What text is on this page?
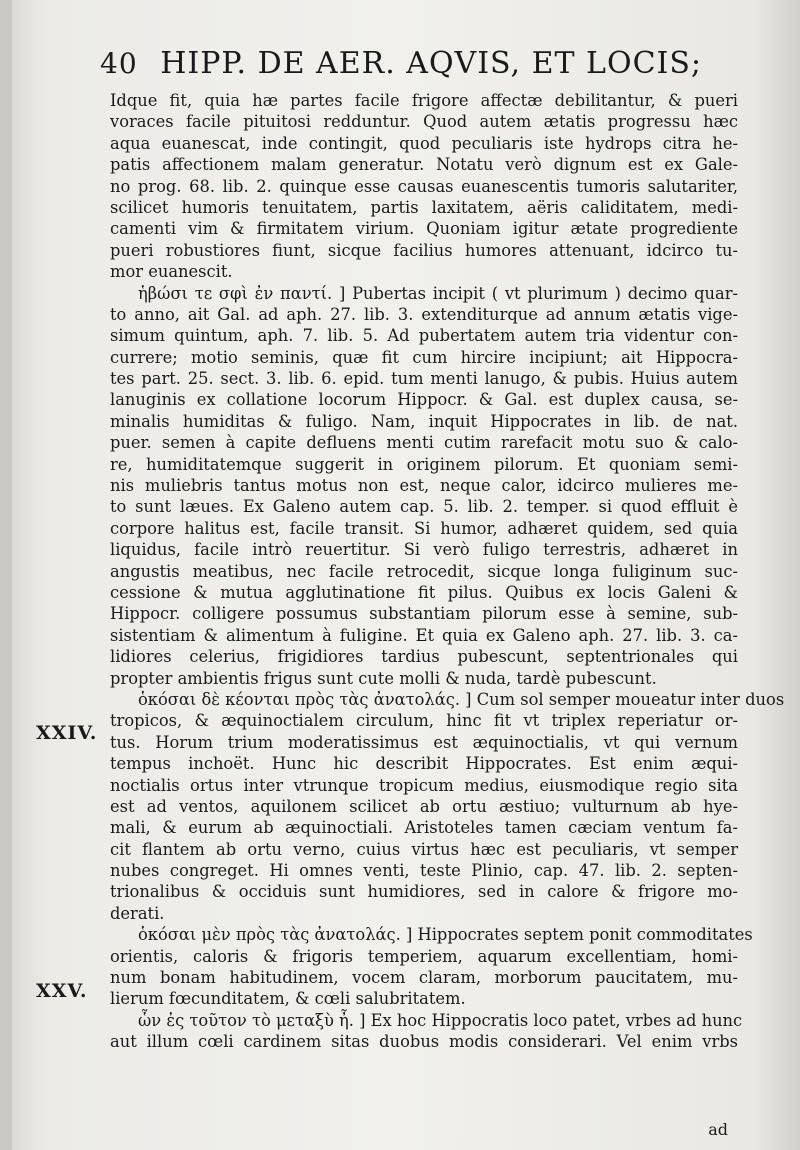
40 HIPP. DE AER. AQVIS, ET LOCIS;
XXIV.
XXV.
Idque fit, quia hæ partes facile frigore affectæ debilitantur, & pueri
voraces facile pituitosi redduntur. Quod autem ætatis progressu hæc
aqua euanescat, inde contingit, quod peculiaris iste hydrops citra he-
patis affectionem malam generatur. Notatu verò dignum est ex Gale-
no prog. 68. lib. 2. quinque esse causas euanescentis tumoris salutariter,
scilicet humoris tenuitatem, partis laxitatem, aëris caliditatem, medi-
camenti vim & firmitatem virium. Quoniam igitur ætate progrediente
pueri robustiores fiunt, sicque facilius humores attenuant, idcirco tu-
mor euanescit.
ἡβώσι τε σφὶ ἐν παντί. ] Pubertas incipit ( vt plurimum ) decimo quar-
to anno, ait Gal. ad aph. 27. lib. 3. extenditurque ad annum ætatis vige-
simum quintum, aph. 7. lib. 5. Ad pubertatem autem tria videntur con-
currere; motio seminis, quæ fit cum hircire incipiunt; ait Hippocra-
tes part. 25. sect. 3. lib. 6. epid. tum menti lanugo, & pubis. Huius autem
lanuginis ex collatione locorum Hippocr. & Gal. est duplex causa, se-
minalis humiditas & fuligo. Nam, inquit Hippocrates in lib. de nat.
puer. semen à capite defluens menti cutim rarefacit motu suo & calo-
re, humiditatemque suggerit in originem pilorum. Et quoniam semi-
nis muliebris tantus motus non est, neque calor, idcirco mulieres me-
to sunt læues. Ex Galeno autem cap. 5. lib. 2. temper. si quod effluit è
corpore halitus est, facile transit. Si humor, adhæret quidem, sed quia
liquidus, facile intrò reuertitur. Si verò fuligo terrestris, adhæret in
angustis meatibus, nec facile retrocedit, sicque longa fuliginum suc-
cessione & mutua agglutinatione fit pilus. Quibus ex locis Galeni &
Hippocr. colligere possumus substantiam pilorum esse à semine, sub-
sistentiam & alimentum à fuligine. Et quia ex Galeno aph. 27. lib. 3. ca-
lidiores celerius, frigidiores tardius pubescunt, septentrionales qui
propter ambientis frigus sunt cute molli & nuda, tardè pubescunt.
ὁκόσαι δὲ κέονται πρὸς τὰς ἀνατολάς. ] Cum sol semper moueatur inter duos
tropicos, & æquinoctialem circulum, hinc fit vt triplex reperiatur or-
tus. Horum trium moderatissimus est æquinoctialis, vt qui vernum
tempus inchoët. Hunc hic describit Hippocrates. Est enim æqui-
noctialis ortus inter vtrunque tropicum medius, eiusmodique regio sita
est ad ventos, aquilonem scilicet ab ortu æstiuo; vulturnum ab hye-
mali, & eurum ab æquinoctiali. Aristoteles tamen cæciam ventum fa-
cit flantem ab ortu verno, cuius virtus hæc est peculiaris, vt semper
nubes congreget. Hi omnes venti, teste Plinio, cap. 47. lib. 2. septen-
trionalibus & occiduis sunt humidiores, sed in calore & frigore mo-
derati.
ὁκόσαι μὲν πρὸς τὰς ἀνατολάς. ] Hippocrates septem ponit commoditates
orientis, caloris & frigoris temperiem, aquarum excellentiam, homi-
num bonam habitudinem, vocem claram, morborum paucitatem, mu-
lierum fœcunditatem, & cœli salubritatem.
ὧν ἐς τοῦτον τὸ μεταξὺ ἦ. ] Ex hoc Hippocratis loco patet, vrbes ad hunc
aut illum cœli cardinem sitas duobus modis considerari. Vel enim vrbs
ad
